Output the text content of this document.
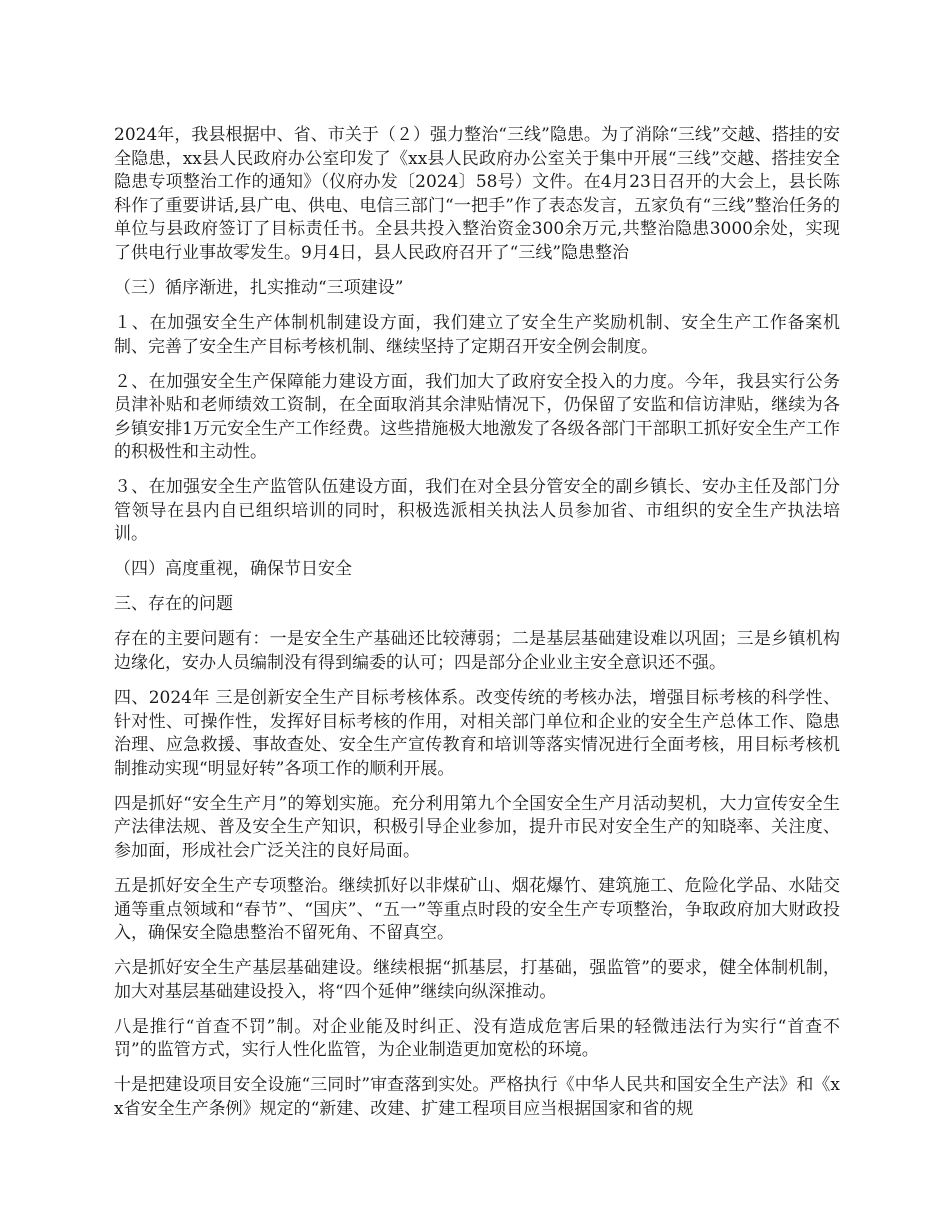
2024年，我县根据中、省、市关于（２）强力整治“三线”隐患。为了消除“三线”交越、搭挂的安全隐患，xx县人民政府办公室印发了《xx县人民政府办公室关于集中开展“三线”交越、搭挂安全隐患专项整治工作的通知》（仪府办发〔2024〕58号）文件。在4月23日召开的大会上，县长陈科作了重要讲话,县广电、供电、电信三部门“一把手”作了表态发言，五家负有“三线”整治任务的单位与县政府签订了目标责任书。全县共投入整治资金300余万元,共整治隐患3000余处，实现了供电行业事故零发生。9月4日，县人民政府召开了“三线”隐患整治

（三）循序渐进，扎实推动“三项建设”

１、在加强安全生产体制机制建设方面，我们建立了安全生产奖励机制、安全生产工作备案机制、完善了安全生产目标考核机制、继续坚持了定期召开安全例会制度。

２、在加强安全生产保障能力建设方面，我们加大了政府安全投入的力度。今年，我县实行公务员津补贴和老师绩效工资制，在全面取消其余津贴情况下，仍保留了安监和信访津贴，继续为各乡镇安排1万元安全生产工作经费。这些措施极大地激发了各级各部门干部职工抓好安全生产工作的积极性和主动性。

３、在加强安全生产监管队伍建设方面，我们在对全县分管安全的副乡镇长、安办主任及部门分管领导在县内自已组织培训的同时，积极选派相关执法人员参加省、市组织的安全生产执法培训。

（四）高度重视，确保节日安全

三、存在的问题

存在的主要问题有：一是安全生产基础还比较薄弱；二是基层基础建设难以巩固；三是乡镇机构边缘化，安办人员编制没有得到编委的认可；四是部分企业业主安全意识还不强。

四、2024年 三是创新安全生产目标考核体系。改变传统的考核办法，增强目标考核的科学性、针对性、可操作性，发挥好目标考核的作用，对相关部门单位和企业的安全生产总体工作、隐患治理、应急救援、事故查处、安全生产宣传教育和培训等落实情况进行全面考核，用目标考核机制推动实现“明显好转”各项工作的顺利开展。

四是抓好“安全生产月”的筹划实施。充分利用第九个全国安全生产月活动契机，大力宣传安全生产法律法规、普及安全生产知识，积极引导企业参加，提升市民对安全生产的知晓率、关注度、参加面，形成社会广泛关注的良好局面。

五是抓好安全生产专项整治。继续抓好以非煤矿山、烟花爆竹、建筑施工、危险化学品、水陆交通等重点领域和“春节”、“国庆”、“五一”等重点时段的安全生产专项整治，争取政府加大财政投入，确保安全隐患整治不留死角、不留真空。

六是抓好安全生产基层基础建设。继续根据“抓基层，打基础，强监管”的要求，健全体制机制，加大对基层基础建设投入，将“四个延伸”继续向纵深推动。

八是推行“首查不罚”制。对企业能及时纠正、没有造成危害后果的轻微违法行为实行“首查不罚”的监管方式，实行人性化监管，为企业制造更加宽松的环境。

十是把建设项目安全设施“三同时”审查落到实处。严格执行《中华人民共和国安全生产法》和《xx省安全生产条例》规定的“新建、改建、扩建工程项目应当根据国家和省的规
